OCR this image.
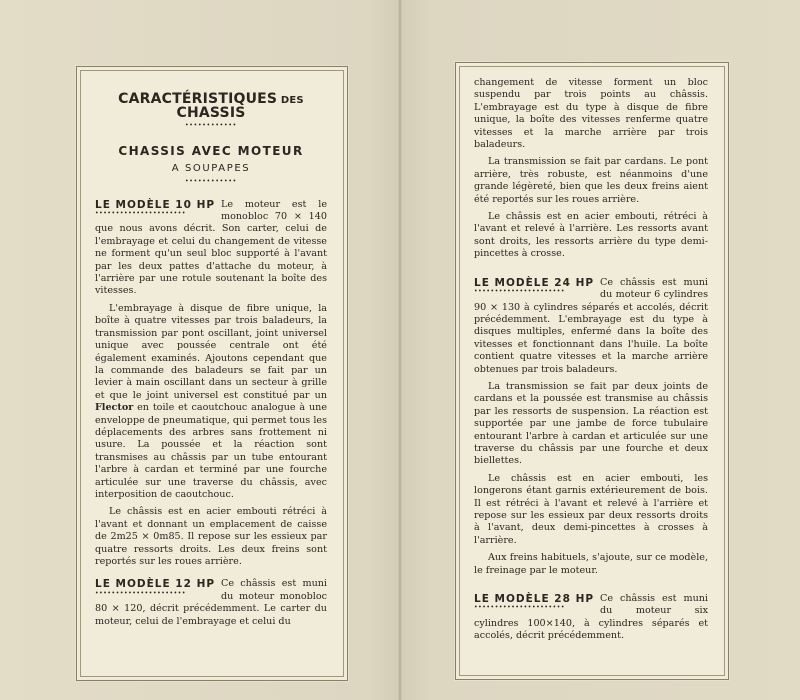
CARACTÉRISTIQUES DES CHASSIS
••••••••••••
CHASSIS AVEC MOTEUR
A SOUPAPES
••••••••••••
LE MODÈLE 10 HP
••••••••••••••••••••••

Le moteur est le monobloc 70 × 140 que nous avons décrit. Son carter, celui de l'embrayage et celui du changement de vitesse ne forment qu'un seul bloc supporté à l'avant par les deux pattes d'attache du moteur, à l'arrière par une rotule soutenant la boîte des vitesses.

L'embrayage à disque de fibre unique, la boîte à quatre vitesses par trois baladeurs, la transmission par pont oscillant, joint universel unique avec poussée centrale ont été également examinés. Ajoutons cependant que la commande des baladeurs se fait par un levier à main oscillant dans un secteur à grille et que le joint universel est constitué par un Flector en toile et caoutchouc analogue à une enveloppe de pneumatique, qui permet tous les déplacements des arbres sans frottement ni usure. La poussée et la réaction sont transmises au châssis par un tube entourant l'arbre à cardan et terminé par une fourche articulée sur une traverse du châssis, avec interposition de caoutchouc.

Le châssis est en acier embouti rétréci à l'avant et donnant un emplacement de caisse de 2m25 × 0m85. Il repose sur les essieux par quatre ressorts droits. Les deux freins sont reportés sur les roues arrière.

LE MODÈLE 12 HP
••••••••••••••••••••••

Ce châssis est muni du moteur monobloc 80 × 120, décrit précédemment. Le carter du moteur, celui de l'embrayage et celui du

changement de vitesse forment un bloc suspendu par trois points au châssis. L'embrayage est du type à disque de fibre unique, la boîte des vitesses renferme quatre vitesses et la marche arrière par trois baladeurs.

La transmission se fait par cardans. Le pont arrière, très robuste, est néanmoins d'une grande légèreté, bien que les deux freins aient été reportés sur les roues arrière.

Le châssis est en acier embouti, rétréci à l'avant et relevé à l'arrière. Les ressorts avant sont droits, les ressorts arrière du type demi-pincettes à crosse.

LE MODÈLE 24 HP
••••••••••••••••••••••

Ce châssis est muni du moteur 6 cylindres 90 × 130 à cylindres séparés et accolés, décrit précédemment. L'embrayage est du type à disques multiples, enfermé dans la boîte des vitesses et fonctionnant dans l'huile. La boîte contient quatre vitesses et la marche arrière obtenues par trois baladeurs.

La transmission se fait par deux joints de cardans et la poussée est transmise au châssis par les ressorts de suspension. La réaction est supportée par une jambe de force tubulaire entourant l'arbre à cardan et articulée sur une traverse du châssis par une fourche et deux biellettes.

Le châssis est en acier embouti, les longerons étant garnis extérieurement de bois. Il est rétréci à l'avant et relevé à l'arrière et repose sur les essieux par deux ressorts droits à l'avant, deux demi-pincettes à crosses à l'arrière.

Aux freins habituels, s'ajoute, sur ce modèle, le freinage par le moteur.

LE MODÈLE 28 HP
••••••••••••••••••••••

Ce châssis est muni du moteur six cylindres 100×140, à cylindres séparés et accolés, décrit précédemment.
